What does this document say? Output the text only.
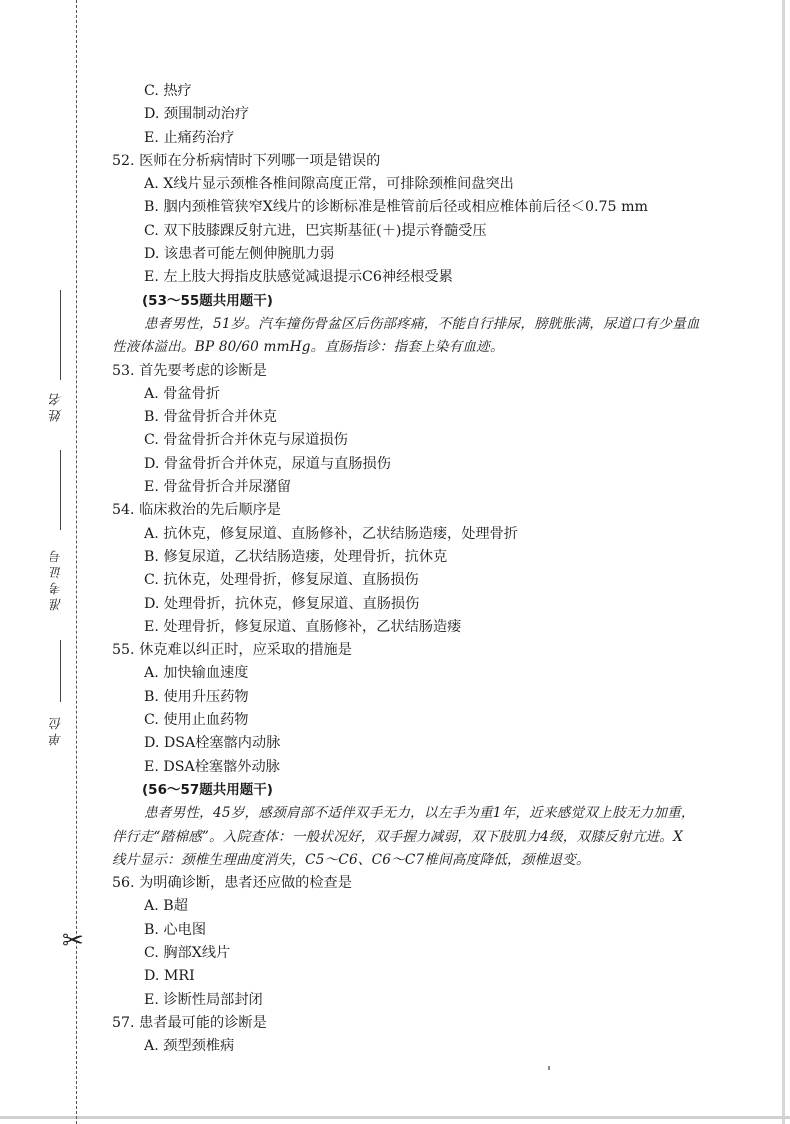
姓名
准考证号
单位
✂
C. 热疗
D. 颈围制动治疗
E. 止痛药治疗
52. 医师在分析病情时下列哪一项是错误的
A. X线片显示颈椎各椎间隙高度正常，可排除颈椎间盘突出
B. 胭内颈椎管狭窄X线片的诊断标准是椎管前后径或相应椎体前后径＜0.75 mm
C. 双下肢膝踝反射亢进，巴宾斯基征(＋)提示脊髓受压
D. 该患者可能左侧伸腕肌力弱
E. 左上肢大拇指皮肤感觉减退提示C6神经根受累
(53～55题共用题干)
患者男性，51岁。汽车撞伤骨盆区后伤部疼痛，不能自行排尿，膀胱胀满，尿道口有少量血
性液体溢出。BP 80/60 mmHg。直肠指诊：指套上染有血迹。
53. 首先要考虑的诊断是
A. 骨盆骨折
B. 骨盆骨折合并休克
C. 骨盆骨折合并休克与尿道损伤
D. 骨盆骨折合并休克，尿道与直肠损伤
E. 骨盆骨折合并尿潴留
54. 临床救治的先后顺序是
A. 抗休克，修复尿道、直肠修补，乙状结肠造瘘，处理骨折
B. 修复尿道，乙状结肠造瘘，处理骨折，抗休克
C. 抗休克，处理骨折，修复尿道、直肠损伤
D. 处理骨折，抗休克，修复尿道、直肠损伤
E. 处理骨折，修复尿道、直肠修补，乙状结肠造瘘
55. 休克难以纠正时，应采取的措施是
A. 加快输血速度
B. 使用升压药物
C. 使用止血药物
D. DSA栓塞髂内动脉
E. DSA栓塞髂外动脉
(56～57题共用题干)
患者男性，45岁，感颈肩部不适伴双手无力，以左手为重1年，近来感觉双上肢无力加重，
伴行走“踏棉感”。入院查体：一般状况好，双手握力减弱，双下肢肌力4级，双膝反射亢进。X
线片显示：颈椎生理曲度消失，C5～C6、C6～C7椎间高度降低，颈椎退变。
56. 为明确诊断，患者还应做的检查是
A. B超
B. 心电图
C. 胸部X线片
D. MRI
E. 诊断性局部封闭
57. 患者最可能的诊断是
A. 颈型颈椎病
